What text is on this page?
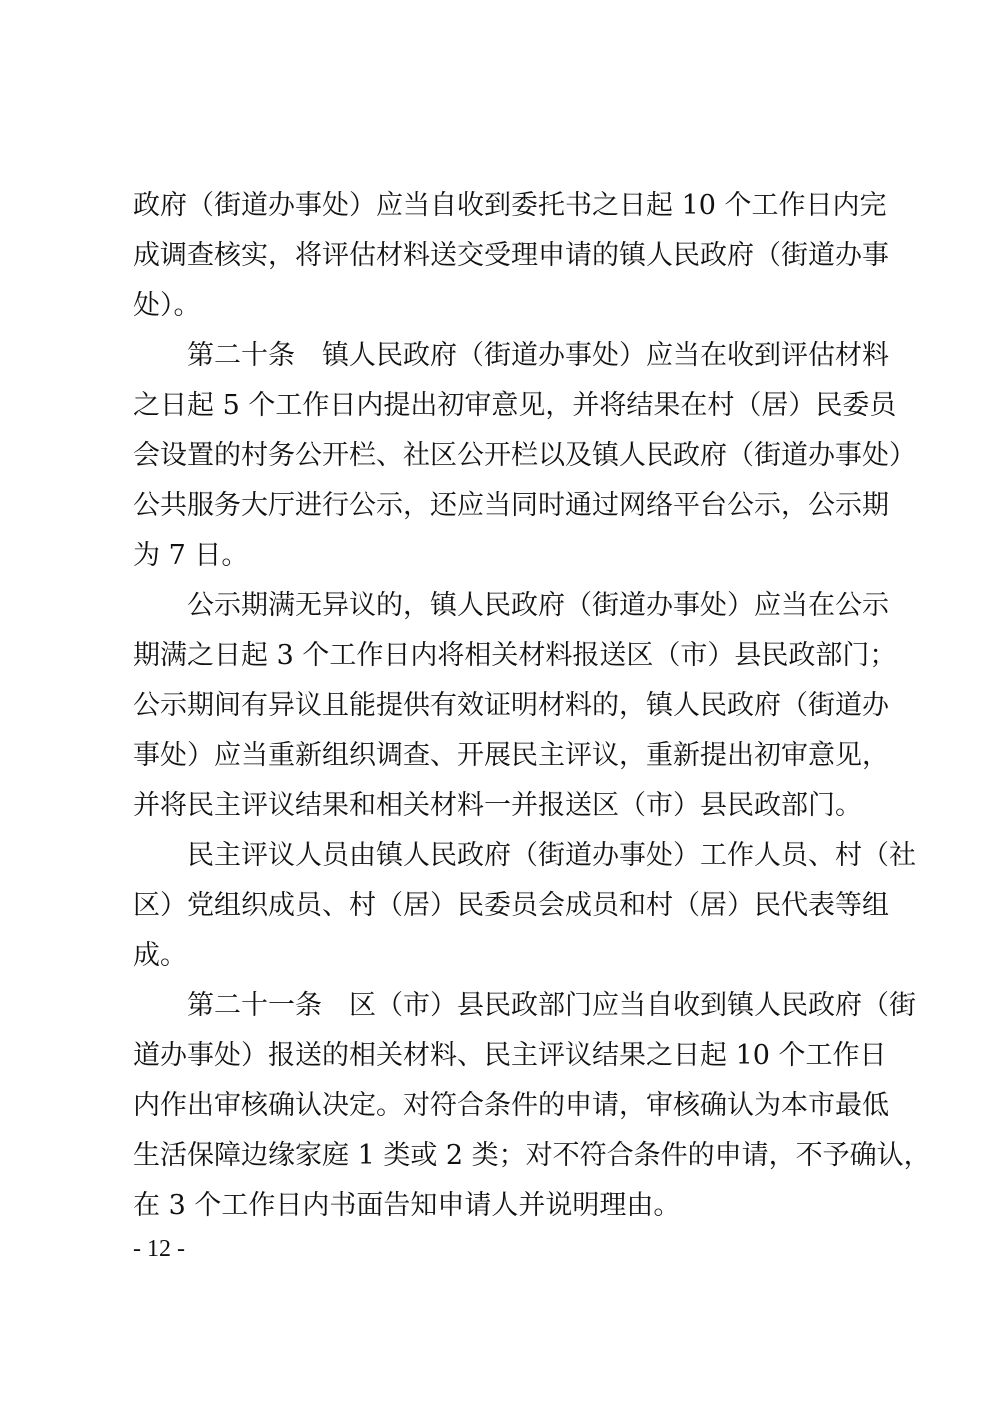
政府（街道办事处）应当自收到委托书之日起 10 个工作日内完
成调查核实，将评估材料送交受理申请的镇人民政府（街道办事
处）。
第二十条　镇人民政府（街道办事处）应当在收到评估材料
之日起 5 个工作日内提出初审意见，并将结果在村（居）民委员
会设置的村务公开栏、社区公开栏以及镇人民政府（街道办事处）
公共服务大厅进行公示，还应当同时通过网络平台公示，公示期
为 7 日。
公示期满无异议的，镇人民政府（街道办事处）应当在公示
期满之日起 3 个工作日内将相关材料报送区（市）县民政部门；
公示期间有异议且能提供有效证明材料的，镇人民政府（街道办
事处）应当重新组织调查、开展民主评议，重新提出初审意见，
并将民主评议结果和相关材料一并报送区（市）县民政部门。
民主评议人员由镇人民政府（街道办事处）工作人员、村（社
区）党组织成员、村（居）民委员会成员和村（居）民代表等组
成。
第二十一条　区（市）县民政部门应当自收到镇人民政府（街
道办事处）报送的相关材料、民主评议结果之日起 10 个工作日
内作出审核确认决定。对符合条件的申请，审核确认为本市最低
生活保障边缘家庭 1 类或 2 类；对不符合条件的申请，不予确认，
在 3 个工作日内书面告知申请人并说明理由。
- 12 -
